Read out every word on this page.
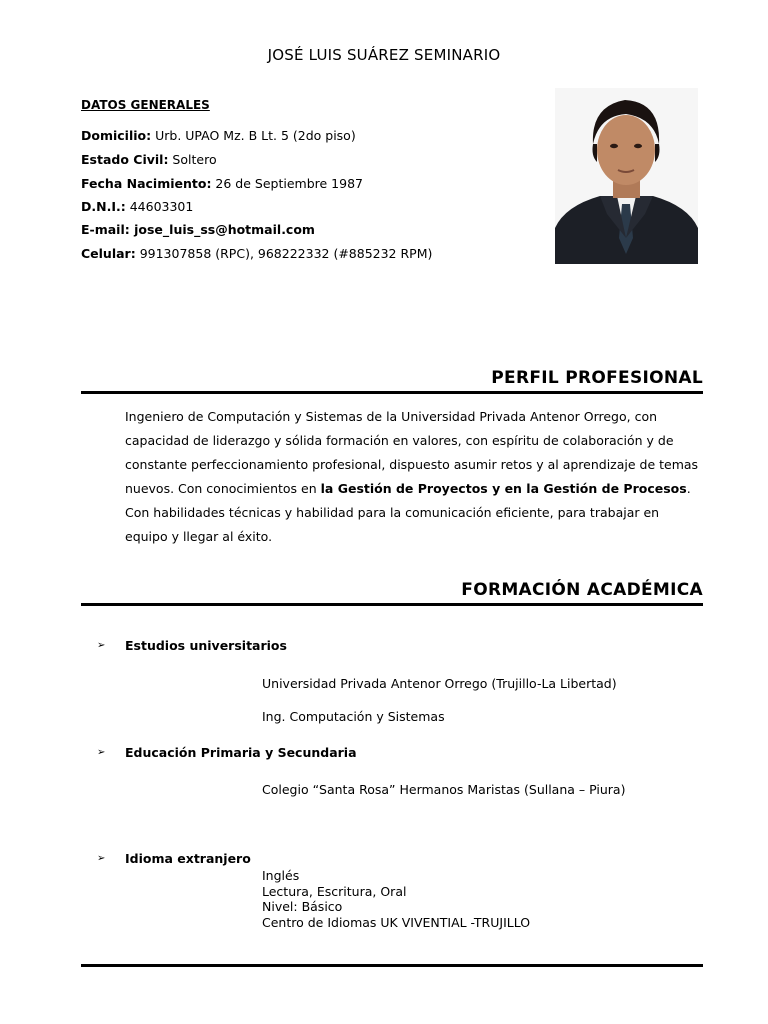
JOSÉ LUIS SUÁREZ SEMINARIO
DATOS GENERALES
Domicilio: Urb. UPAO Mz. B Lt. 5 (2do piso)
Estado Civil: Soltero
Fecha Nacimiento: 26 de Septiembre 1987
D.N.I.: 44603301
E-mail: jose_luis_ss@hotmail.com
Celular: 991307858 (RPC), 968222332 (#885232 RPM)
PERFIL PROFESIONAL
Ingeniero de Computación y Sistemas de la Universidad Privada Antenor Orrego, con capacidad de liderazgo y sólida formación en valores, con espíritu de colaboración y de constante perfeccionamiento profesional, dispuesto asumir retos y al aprendizaje de temas nuevos. Con conocimientos en la Gestión de Proyectos y en la Gestión de Procesos. Con habilidades técnicas y habilidad para la comunicación eficiente, para trabajar en equipo y llegar al éxito.
FORMACIÓN ACADÉMICA
➢ Estudios universitarios
Universidad Privada Antenor Orrego (Trujillo-La Libertad)
Ing. Computación y Sistemas
➢ Educación Primaria y Secundaria
Colegio “Santa Rosa” Hermanos Maristas (Sullana – Piura)
➢ Idioma extranjero
Inglés
Lectura, Escritura, Oral
Nivel: Básico
Centro de Idiomas UK VIVENTIAL -TRUJILLO
